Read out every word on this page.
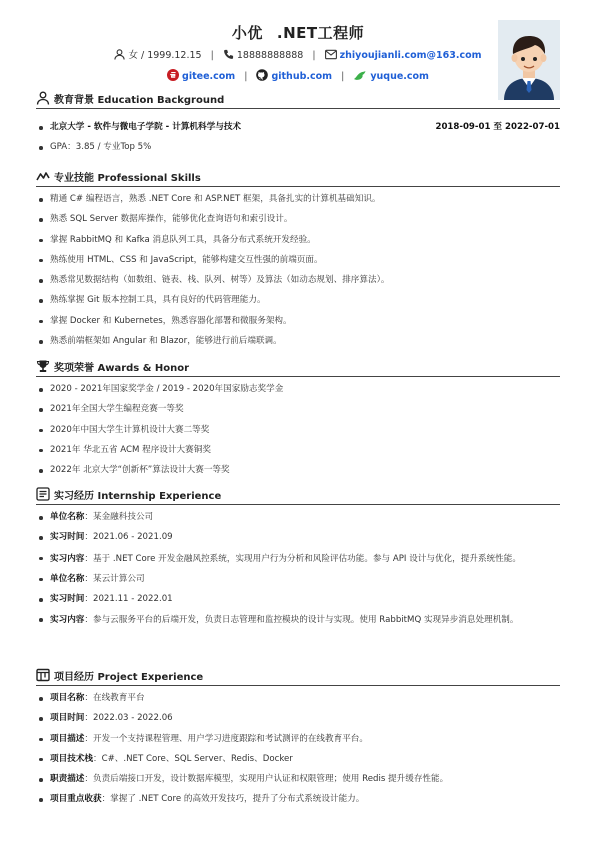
小优 .NET工程师
女 / 1999.12.15 | 18888888888 |	zhiyoujianli.com@163.com
gitee.com |	github.com |	yuque.com
教育背景 Education Background
北京大学 - 软件与微电子学院 - 计算机科学与技术	2018-09-01 至 2022-07-01
GPA：3.85 / 专业Top 5%
专业技能 Professional Skills
精通 C# 编程语言，熟悉 .NET Core 和 ASP.NET 框架，具备扎实的计算机基础知识。
熟悉 SQL Server 数据库操作，能够优化查询语句和索引设计。
掌握 RabbitMQ 和 Kafka 消息队列工具，具备分布式系统开发经验。
熟练使用 HTML、CSS 和 JavaScript，能够构建交互性强的前端页面。
熟悉常见数据结构（如数组、链表、栈、队列、树等）及算法（如动态规划、排序算法）。
熟练掌握 Git 版本控制工具，具有良好的代码管理能力。
掌握 Docker 和 Kubernetes，熟悉容器化部署和微服务架构。
熟悉前端框架如 Angular 和 Blazor，能够进行前后端联调。
奖项荣誉 Awards & Honor
2020 - 2021年国家奖学金 / 2019 - 2020年国家励志奖学金
2021年全国大学生编程竞赛一等奖
2020年中国大学生计算机设计大赛二等奖
2021年 华北五省 ACM 程序设计大赛铜奖
2022年 北京大学“创新杯”算法设计大赛一等奖
实习经历 Internship Experience
单位名称：某金融科技公司
实习时间：2021.06 - 2021.09
实习内容：基于 .NET Core 开发金融风控系统，实现用户行为分析和风险评估功能。参与 API 设计与优化，提升系统性能。
单位名称：某云计算公司
实习时间：2021.11 - 2022.01
实习内容：参与云服务平台的后端开发，负责日志管理和监控模块的设计与实现。使用 RabbitMQ 实现异步消息处理机制。
项目经历 Project Experience
项目名称：在线教育平台
项目时间：2022.03 - 2022.06
项目描述：开发一个支持课程管理、用户学习进度跟踪和考试测评的在线教育平台。
项目技术栈：C#、.NET Core、SQL Server、Redis、Docker
职责描述：负责后端接口开发，设计数据库模型，实现用户认证和权限管理；使用 Redis 提升缓存性能。
项目重点收获：掌握了 .NET Core 的高效开发技巧，提升了分布式系统设计能力。
